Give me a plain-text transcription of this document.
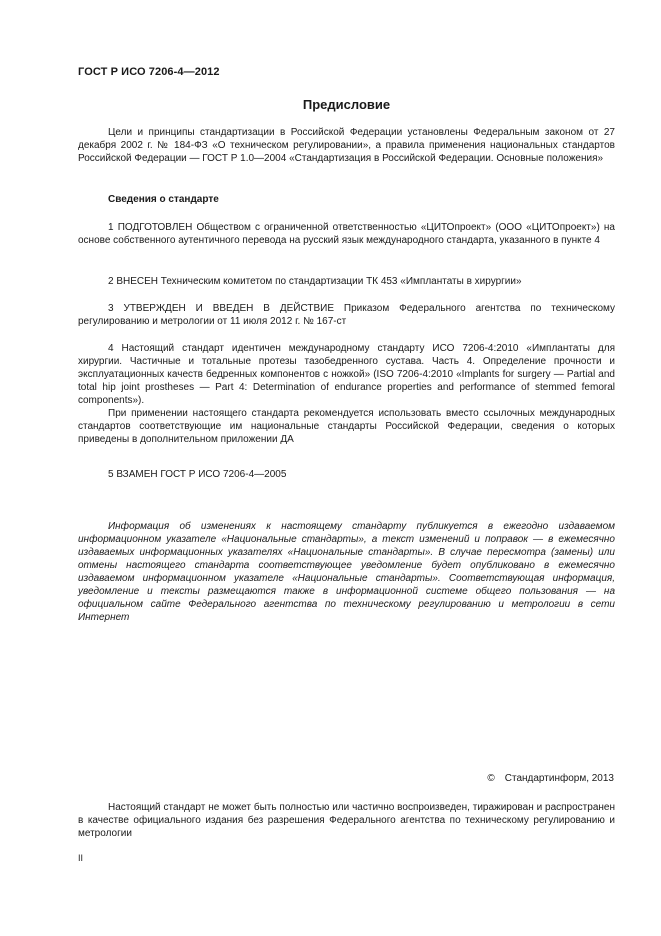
ГОСТ Р ИСО 7206-4—2012
Предисловие

Цели и принципы стандартизации в Российской Федерации установлены Федеральным законом от 27 декабря 2002 г. № 184-ФЗ «О техническом регулировании», а правила применения национальных стандартов Российской Федерации — ГОСТ Р 1.0—2004 «Стандартизация в Российской Федерации. Основные положения»

Сведения о стандарте

1 ПОДГОТОВЛЕН Обществом с ограниченной ответственностью «ЦИТОпроект» (ООО «ЦИТОпроект») на основе собственного аутентичного перевода на русский язык международного стандарта, указанного в пункте 4

2 ВНЕСЕН Техническим комитетом по стандартизации ТК 453 «Имплантаты в хирургии»

3 УТВЕРЖДЕН И ВВЕДЕН В ДЕЙСТВИЕ Приказом Федерального агентства по техническому регулированию и метрологии от 11 июля 2012 г. № 167-ст

4 Настоящий стандарт идентичен международному стандарту ИСО 7206-4:2010 «Имплантаты для хирургии. Частичные и тотальные протезы тазобедренного сустава. Часть 4. Определение прочности и эксплуатационных качеств бедренных компонентов с ножкой» (ISO 7206-4:2010 «Implants for surgery — Partial and total hip joint prostheses — Part 4: Determination of endurance properties and performance of stemmed femoral components»).

При применении настоящего стандарта рекомендуется использовать вместо ссылочных международных стандартов соответствующие им национальные стандарты Российской Федерации, сведения о которых приведены в дополнительном приложении ДА

5 ВЗАМЕН ГОСТ Р ИСО 7206-4—2005

Информация об изменениях к настоящему стандарту публикуется в ежегодно издаваемом информационном указателе «Национальные стандарты», а текст изменений и поправок — в ежемесячно издаваемых информационных указателях «Национальные стандарты». В случае пересмотра (замены) или отмены настоящего стандарта соответствующее уведомление будет опубликовано в ежемесячно издаваемом информационном указателе «Национальные стандарты». Соответствующая информация, уведомление и тексты размещаются также в информационной системе общего пользования — на официальном сайте Федерального агентства по техническому регулированию и метрологии в сети Интернет

© Стандартинформ, 2013

Настоящий стандарт не может быть полностью или частично воспроизведен, тиражирован и распространен в качестве официального издания без разрешения Федерального агентства по техническому регулированию и метрологии

II
